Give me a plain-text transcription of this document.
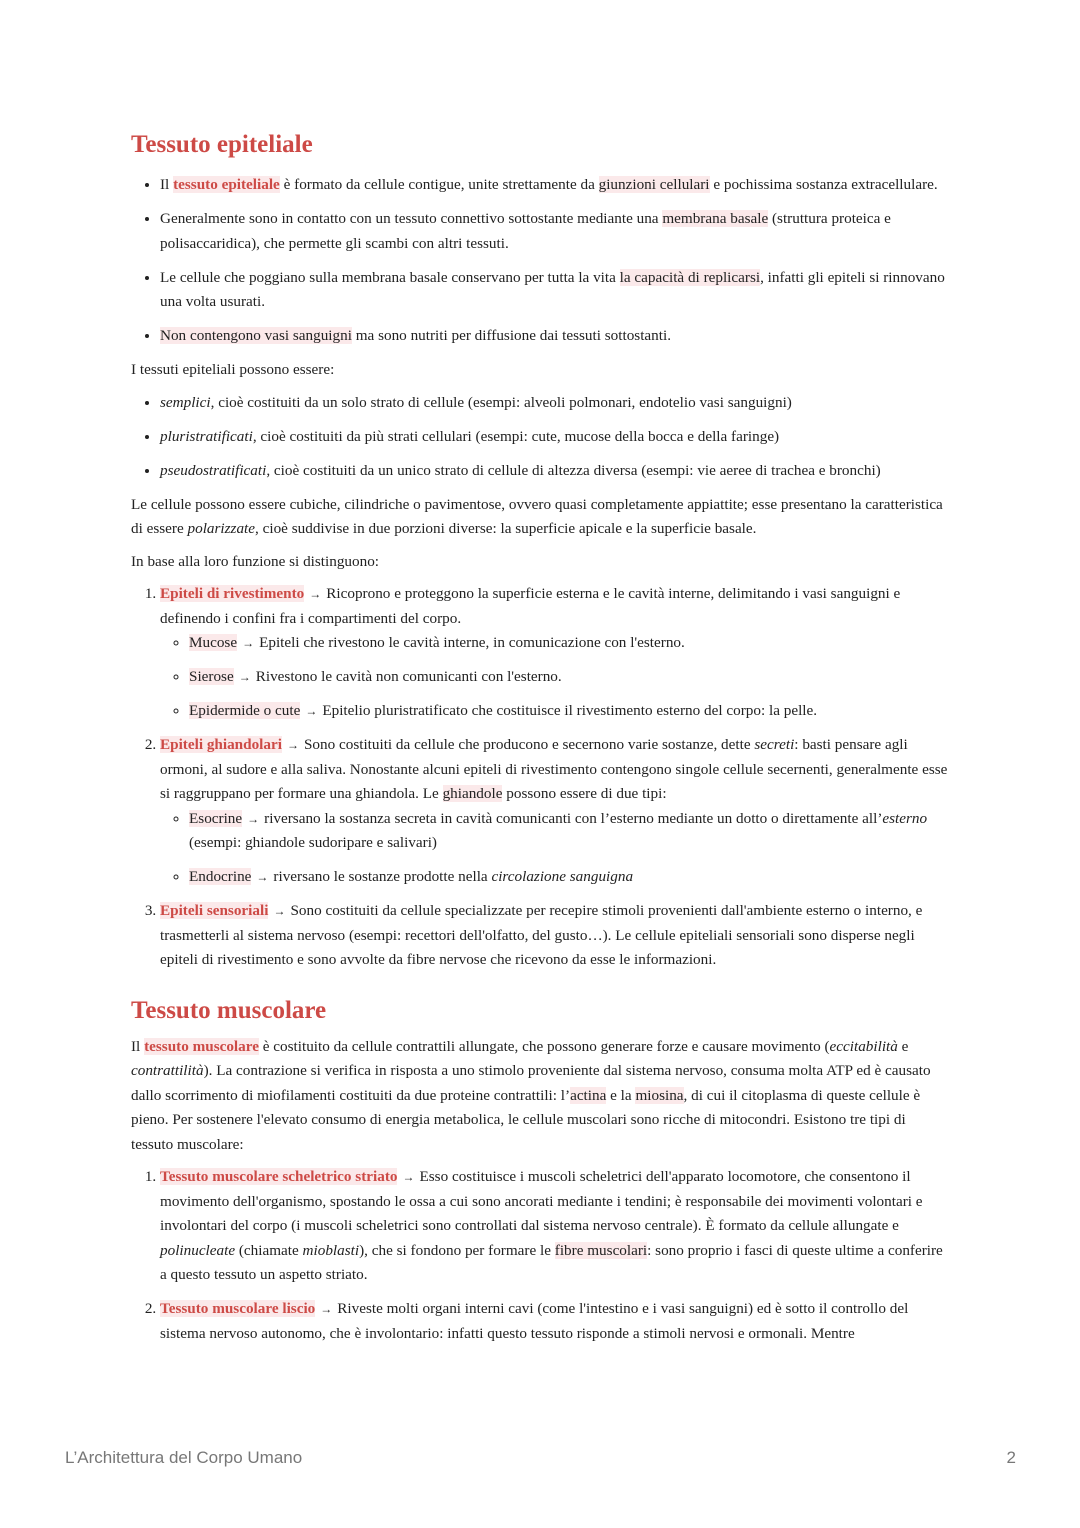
Tessuto epiteliale
• Il tessuto epiteliale è formato da cellule contigue, unite strettamente da giunzioni cellulari e pochissima sostanza extracellulare.
• Generalmente sono in contatto con un tessuto connettivo sottostante mediante una membrana basale (struttura proteica e polisaccaridica), che permette gli scambi con altri tessuti.
• Le cellule che poggiano sulla membrana basale conservano per tutta la vita la capacità di replicarsi, infatti gli epiteli si rinnovano una volta usurati.
• Non contengono vasi sanguigni ma sono nutriti per diffusione dai tessuti sottostanti.

I tessuti epiteliali possono essere:

• semplici, cioè costituiti da un solo strato di cellule (esempi: alveoli polmonari, endotelio vasi sanguigni)
• pluristratificati, cioè costituiti da più strati cellulari (esempi: cute, mucose della bocca e della faringe)
• pseudostratificati, cioè costituiti da un unico strato di cellule di altezza diversa (esempi: vie aeree di trachea e bronchi)

Le cellule possono essere cubiche, cilindriche o pavimentose, ovvero quasi completamente appiattite; esse presentano la caratteristica di essere polarizzate, cioè suddivise in due porzioni diverse: la superficie apicale e la superficie basale.

In base alla loro funzione si distinguono:

1. Epiteli di rivestimento → Ricoprono e proteggono la superficie esterna e le cavità interne, delimitando i vasi sanguigni e definendo i confini fra i compartimenti del corpo.
◦ Mucose → Epiteli che rivestono le cavità interne, in comunicazione con l'esterno.
◦ Sierose → Rivestono le cavità non comunicanti con l'esterno.
◦ Epidermide o cute → Epitelio pluristratificato che costituisce il rivestimento esterno del corpo: la pelle.
2. Epiteli ghiandolari → Sono costituiti da cellule che producono e secernono varie sostanze, dette secreti: basti pensare agli ormoni, al sudore e alla saliva. Nonostante alcuni epiteli di rivestimento contengono singole cellule secernenti, generalmente esse si raggruppano per formare una ghiandola. Le ghiandole possono essere di due tipi:
◦ Esocrine → riversano la sostanza secreta in cavità comunicanti con l’esterno mediante un dotto o direttamente all’esterno (esempi: ghiandole sudoripare e salivari)
◦ Endocrine → riversano le sostanze prodotte nella circolazione sanguigna
3. Epiteli sensoriali → Sono costituiti da cellule specializzate per recepire stimoli provenienti dall'ambiente esterno o interno, e trasmetterli al sistema nervoso (esempi: recettori dell'olfatto, del gusto…). Le cellule epiteliali sensoriali sono disperse negli epiteli di rivestimento e sono avvolte da fibre nervose che ricevono da esse le informazioni.
Tessuto muscolare

Il tessuto muscolare è costituito da cellule contrattili allungate, che possono generare forze e causare movimento (eccitabilità e contrattilità). La contrazione si verifica in risposta a uno stimolo proveniente dal sistema nervoso, consuma molta ATP ed è causato dallo scorrimento di miofilamenti costituiti da due proteine contrattili: l’actina e la miosina, di cui il citoplasma di queste cellule è pieno. Per sostenere l'elevato consumo di energia metabolica, le cellule muscolari sono ricche di mitocondri. Esistono tre tipi di tessuto muscolare:

1. Tessuto muscolare scheletrico striato → Esso costituisce i muscoli scheletrici dell'apparato locomotore, che consentono il movimento dell'organismo, spostando le ossa a cui sono ancorati mediante i tendini; è responsabile dei movimenti volontari e involontari del corpo (i muscoli scheletrici sono controllati dal sistema nervoso centrale). È formato da cellule allungate e polinucleate (chiamate mioblasti), che si fondono per formare le fibre muscolari: sono proprio i fasci di queste ultime a conferire a questo tessuto un aspetto striato.
2. Tessuto muscolare liscio → Riveste molti organi interni cavi (come l'intestino e i vasi sanguigni) ed è sotto il controllo del sistema nervoso autonomo, che è involontario: infatti questo tessuto risponde a stimoli nervosi e ormonali. Mentre
L’Architettura del Corpo Umano	2
